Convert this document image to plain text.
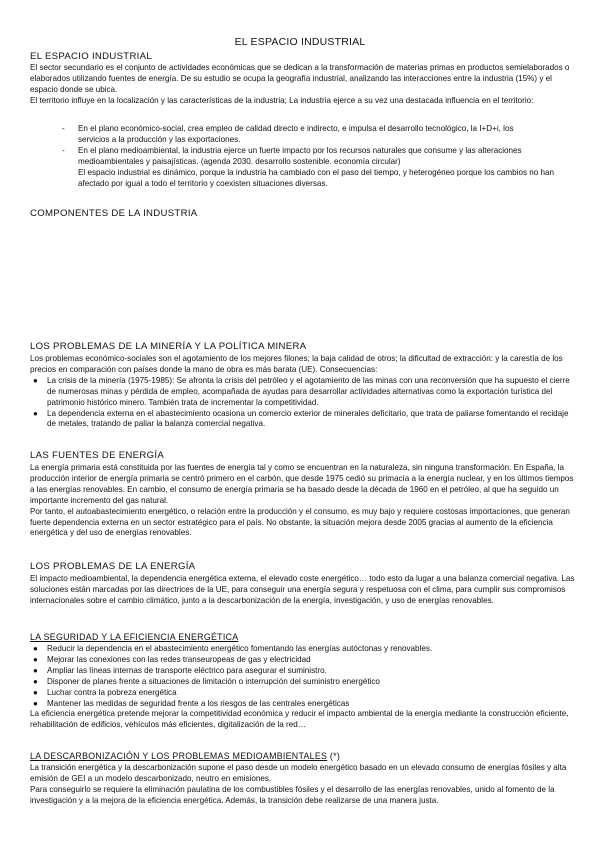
EL ESPACIO INDUSTRIAL
EL ESPACIO INDUSTRIAL
El sector secundario es el conjunto de actividades económicas que se dedican a la transformación de materias primas en productos semielaborados o elaborados utilizando fuentes de energía. De su estudio se ocupa la geografía industrial, analizando las interacciones entre la industria (15%) y el espacio donde se ubica.
El territorio influye en la localización y las características de la industria; La industria ejerce a su vez una destacada influencia en el territorio:
- En el plano económico-social, crea empleo de calidad directo e indirecto, e impulsa el desarrollo tecnológico, la I+D+i, los servicios a la producción y las exportaciones.
- En el plano medioambiental, la industria ejerce un fuerte impacto por los recursos naturales que consume y las alteraciones medioambientales y paisajísticas. (agenda 2030. desarrollo sostenible. economía circular)
El espacio industrial es dinámico, porque la industria ha cambiado con el paso del tiempo, y heterogéneo porque los cambios no han afectado por igual a todo el territorio y coexisten situaciones diversas.
COMPONENTES DE LA INDUSTRIA
LOS PROBLEMAS DE LA MINERÍA Y LA POLÍTICA MINERA
Los problemas económico-sociales son el agotamiento de los mejores filones; la baja calidad de otros; la dificultad de extracción: y la carestía de los precios en comparación con países donde la mano de obra es más barata (UE). Consecuencias:
● La crisis de la minería (1975-1985): Se afronta la crisis del petróleo y el agotamiento de las minas con una reconversión que ha supuesto el cierre de numerosas minas y pérdida de empleo, acompañada de ayudas para desarrollar actividades alternativas como la exportación turística del patrimonio histórico minero. También trata de incrementar la competitividad.
● La dependencia externa en el abastecimiento ocasiona un comercio exterior de minerales deficitario, que trata de paliarse fomentando el recidaje de metales, tratando de paliar la balanza comercial negativa.
LAS FUENTES DE ENERGÍA
La energía primaria está constituida por las fuentes de energía tal y como se encuentran en la naturaleza, sin ninguna transformación. En España, la producción interior de energía primaria se centró primero en el carbón, que desde 1975 cedió su primacía a la energía nuclear, y en los últimos tiempos a las energías renovables. En cambio, el consumo de energía primaria se ha basado desde la década de 1960 en el petróleo, al que ha seguido un importante incremento del gas natural.
Por tanto, el autoabastecimiento energético, o relación entre la producción y el consumo, es muy bajo y requiere costosas importaciones, que generan fuerte dependencia externa en un sector estratégico para el país. No obstante, la situación mejora desde 2005 gracias al aumento de la eficiencia energética y del uso de energías renovables.
LOS PROBLEMAS DE LA ENERGÍA
El impacto medioambiental, la dependencia energética externa, el elevado coste energético… todo esto da lugar a una balanza comercial negativa. Las soluciones están marcadas por las directrices de la UE, para conseguir una energía segura y respetuosa con el clima, para cumplir sus compromisos internacionales sobre el cambio climático, junto a la descarbonización de la energía, investigación, y uso de energías renovables.
LA SEGURIDAD Y LA EFICIENCIA ENERGÉTICA
● Reducir la dependencia en el abastecimiento energético fomentando las energías autóctonas y renovables.
● Mejorar las conexiones con las redes transeuropeas de gas y electricidad
● Ampliar las líneas internas de transporte eléctrico para asegurar el suministro.
● Disponer de planes frente a situaciones de limitación o interrupción del suministro energético
● Luchar contra la pobreza energética
● Mantener las medidas de seguridad frente a los riesgos de las centrales energéticas
La eficiencia energética pretende mejorar la competitividad económica y reducir el impacto ambiental de la energía mediante la construcción eficiente, rehabilitación de edificios, vehículos más eficientes, digitalización de la red…
LA DESCARBONIZACIÓN Y LOS PROBLEMAS MEDIOAMBIENTALES (*)
La transición energética y la descarbonización supone el paso desde un modelo energético basado en un elevado consumo de energías fósiles y alta emisión de GEI a un modelo descarbonizado, neutro en emisiones.
Para conseguirlo se requiere la eliminación paulatina de los combustibles fósiles y el desarrollo de las energías renovables, unido al fomento de la investigación y a la mejora de la eficiencia energética. Además, la transición debe realizarse de una manera justa.
